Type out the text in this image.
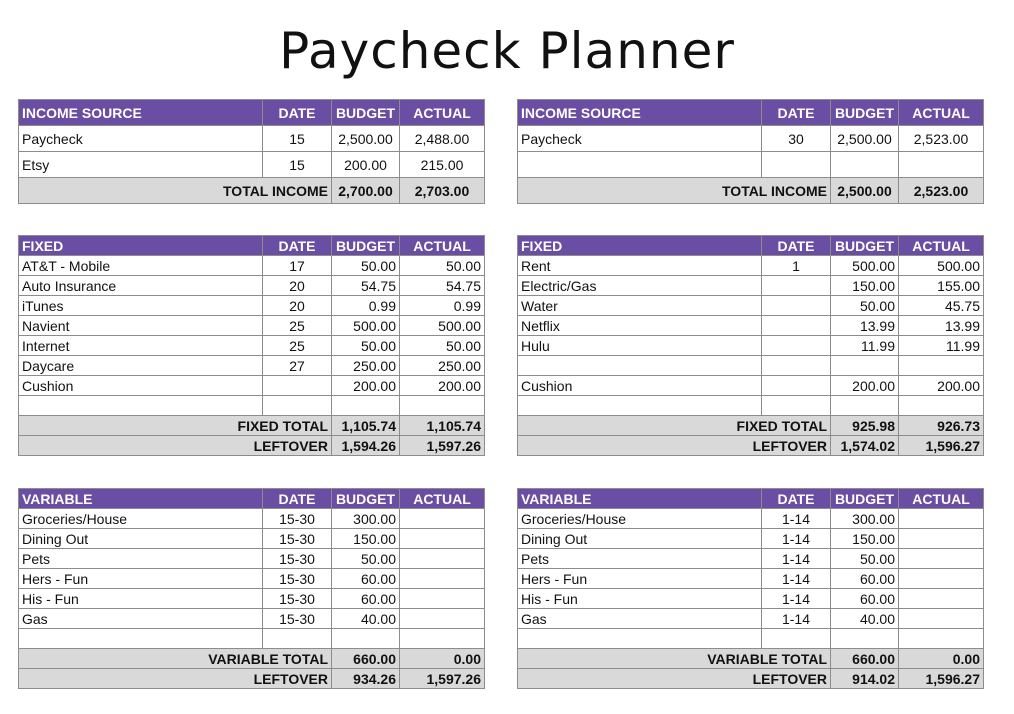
Paycheck Planner
INCOME SOURCE	DATE	BUDGET	ACTUAL
Paycheck	15	2,500.00	2,488.00
Etsy	15	200.00	215.00
TOTAL INCOME		2,700.00	2,703.00
FIXED	DATE	BUDGET	ACTUAL
AT&T - Mobile	17	50.00	50.00
Auto Insurance	20	54.75	54.75
iTunes	20	0.99	0.99
Navient	25	500.00	500.00
Internet	25	50.00	50.00
Daycare	27	250.00	250.00
Cushion		200.00	200.00

FIXED TOTAL		1,105.74	1,105.74
LEFTOVER		1,594.26	1,597.26
VARIABLE	DATE	BUDGET	ACTUAL
Groceries/House	15-30	300.00	
Dining Out	15-30	150.00	
Pets	15-30	50.00	
Hers - Fun	15-30	60.00	
His - Fun	15-30	60.00	
Gas	15-30	40.00	

VARIABLE TOTAL		660.00	0.00
LEFTOVER		934.26	1,597.26
INCOME SOURCE	DATE	BUDGET	ACTUAL
Paycheck	30	2,500.00	2,523.00

TOTAL INCOME		2,500.00	2,523.00
FIXED	DATE	BUDGET	ACTUAL
Rent	1	500.00	500.00
Electric/Gas		150.00	155.00
Water		50.00	45.75
Netflix		13.99	13.99
Hulu		11.99	11.99

Cushion		200.00	200.00

FIXED TOTAL		925.98	926.73
LEFTOVER		1,574.02	1,596.27
VARIABLE	DATE	BUDGET	ACTUAL
Groceries/House	1-14	300.00	
Dining Out	1-14	150.00	
Pets	1-14	50.00	
Hers - Fun	1-14	60.00	
His - Fun	1-14	60.00	
Gas	1-14	40.00	

VARIABLE TOTAL		660.00	0.00
LEFTOVER		914.02	1,596.27
